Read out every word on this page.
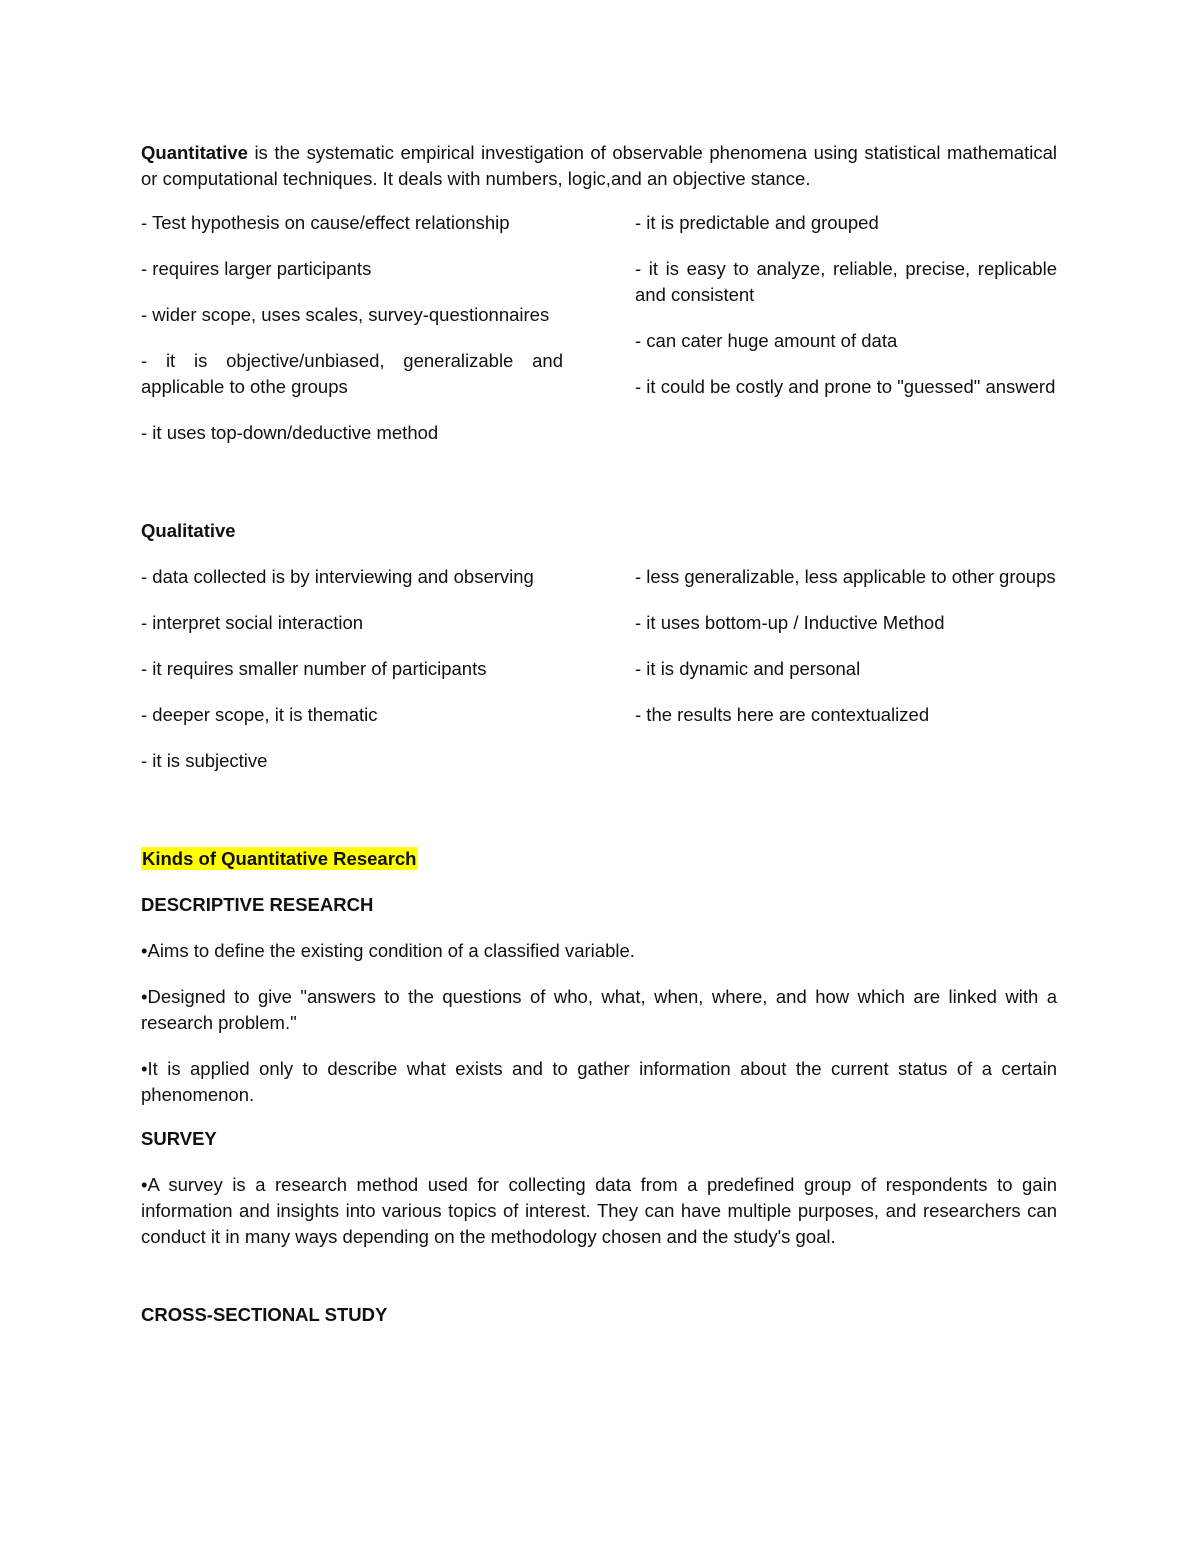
Quantitative is the systematic empirical investigation of observable phenomena using statistical mathematical or computational techniques. It deals with numbers, logic,and an objective stance.

- Test hypothesis on cause/effect relationship

- requires larger participants

- wider scope, uses scales, survey-questionnaires

- it is objective/unbiased, generalizable and applicable to othe groups

- it uses top-down/deductive method

- it is predictable and grouped

- it is easy to analyze, reliable, precise, replicable and consistent

- can cater huge amount of data

- it could be costly and prone to "guessed" answerd

Qualitative

- data collected is by interviewing and observing

- interpret social interaction

- it requires smaller number of participants

- deeper scope, it is thematic

- it is subjective

- less generalizable, less applicable to other groups

- it uses bottom-up / Inductive Method

- it is dynamic and personal

- the results here are contextualized

Kinds of Quantitative Research

DESCRIPTIVE RESEARCH

•Aims to define the existing condition of a classified variable.

•Designed to give "answers to the questions of who, what, when, where, and how which are linked with a research problem."

•It is applied only to describe what exists and to gather information about the current status of a certain phenomenon.

SURVEY

•A survey is a research method used for collecting data from a predefined group of respondents to gain information and insights into various topics of interest. They can have multiple purposes, and researchers can conduct it in many ways depending on the methodology chosen and the study's goal.

CROSS-SECTIONAL STUDY
